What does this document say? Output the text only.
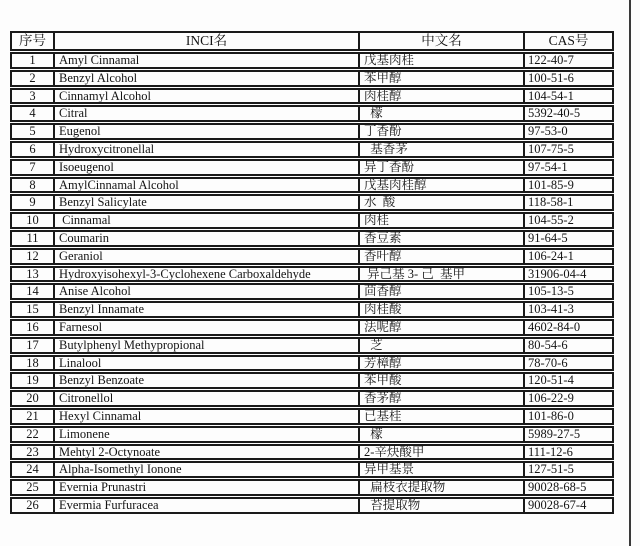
序号	INCI名	中文名	CAS号
1	Amyl Cinnamal	戊基肉桂	122-40-7
2	Benzyl Alcohol	苯甲醇	100-51-6
3	Cinnamyl Alcohol	肉桂醇	104-54-1
4	Citral	檬	5392-40-5
5	Eugenol	丁香酚	97-53-0
6	Hydroxycitronellal	基香茅	107-75-5
7	Isoeugenol	异丁香酚	97-54-1
8	AmylCinnamal Alcohol	戊基肉桂醇	101-85-9
9	Benzyl Salicylate	水  酸	118-58-1
10	Cinnamal	肉桂	104-55-2
11	Coumarin	香豆素	91-64-5
12	Geraniol	香叶醇	106-24-1
13	Hydroxyisohexyl-3-Cyclohexene Carboxaldehyde	异己基 3- 己  基甲	31906-04-4
14	Anise Alcohol	茴香醇	105-13-5
15	Benzyl Innamate	肉桂酸	103-41-3
16	Farnesol	法呢醇	4602-84-0
17	Butylphenyl Methypropional	芝	80-54-6
18	Linalool	芳樟醇	78-70-6
19	Benzyl Benzoate	苯甲酸	120-51-4
20	Citronellol	香茅醇	106-22-9
21	Hexyl Cinnamal	已基桂	101-86-0
22	Limonene	檬	5989-27-5
23	Mehtyl 2-Octynoate	2-辛炔酸甲	111-12-6
24	Alpha-Isomethyl Ionone	异甲基景	127-51-5
25	Evernia Prunastri	扁枝衣提取物	90028-68-5
26	Evermia Furfuracea	苔提取物	90028-67-4
